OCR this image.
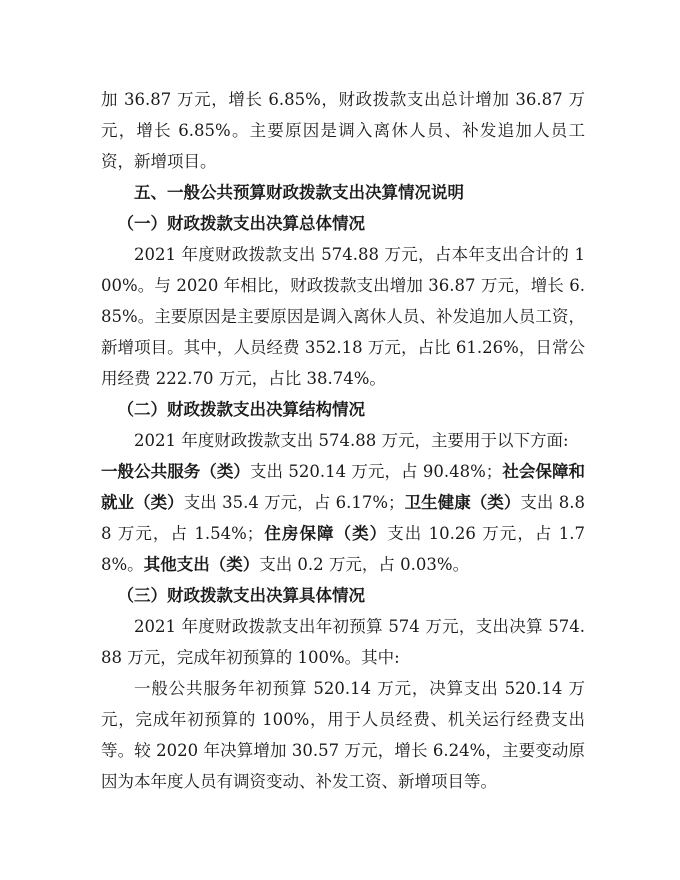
加 36.87 万元，增长 6.85%，财政拨款支出总计增加 36.87 万元，增长 6.85%。主要原因是调入离休人员、补发追加人员工资，新增项目。

五、一般公共预算财政拨款支出决算情况说明

（一）财政拨款支出决算总体情况

2021 年度财政拨款支出 574.88 万元，占本年支出合计的 100%。与 2020 年相比，财政拨款支出增加 36.87 万元，增长 6.85%。主要原因是主要原因是调入离休人员、补发追加人员工资，新增项目。其中，人员经费 352.18 万元，占比 61.26%，日常公用经费 222.70 万元，占比 38.74%。

（二）财政拨款支出决算结构情况

2021 年度财政拨款支出 574.88 万元，主要用于以下方面:

一般公共服务（类）支出 520.14 万元，占 90.48%；社会保障和就业（类）支出 35.4 万元，占 6.17%；卫生健康（类）支出 8.88 万元，占 1.54%；住房保障（类）支出 10.26 万元，占 1.78%。其他支出（类）支出 0.2 万元，占 0.03%。

（三）财政拨款支出决算具体情况

2021 年度财政拨款支出年初预算 574 万元，支出决算 574.88 万元，完成年初预算的 100%。其中:

一般公共服务年初预算 520.14 万元，决算支出 520.14 万元，完成年初预算的 100%，用于人员经费、机关运行经费支出等。较 2020 年决算增加 30.57 万元，增长 6.24%，主要变动原因为本年度人员有调资变动、补发工资、新增项目等。
